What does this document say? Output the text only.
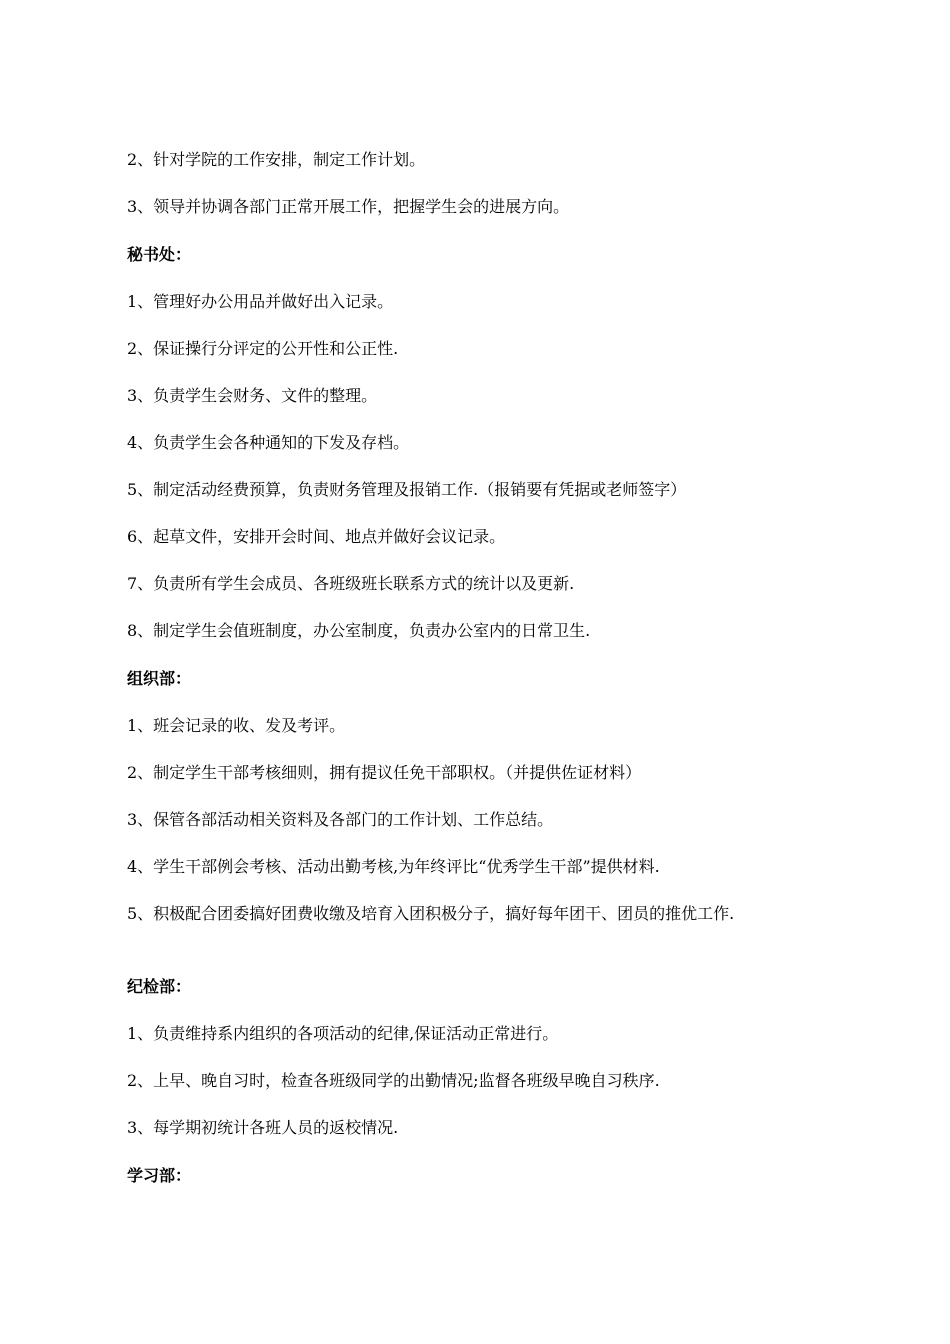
2、针对学院的工作安排，制定工作计划。
3、领导并协调各部门正常开展工作，把握学生会的进展方向。
秘书处：
1、管理好办公用品并做好出入记录。
2、保证操行分评定的公开性和公正性.
3、负责学生会财务、文件的整理。
4、负责学生会各种通知的下发及存档。
5、制定活动经费预算，负责财务管理及报销工作.（报销要有凭据或老师签字）
6、起草文件，安排开会时间、地点并做好会议记录。
7、负责所有学生会成员、各班级班长联系方式的统计以及更新.
8、制定学生会值班制度，办公室制度，负责办公室内的日常卫生.
组织部：
1、班会记录的收、发及考评。
2、制定学生干部考核细则，拥有提议任免干部职权。（并提供佐证材料）
3、保管各部活动相关资料及各部门的工作计划、工作总结。
4、学生干部例会考核、活动出勤考核,为年终评比“优秀学生干部”提供材料.
5、积极配合团委搞好团费收缴及培育入团积极分子，搞好每年团干、团员的推优工作.
纪检部：
1、负责维持系内组织的各项活动的纪律,保证活动正常进行。
2、上早、晚自习时，检查各班级同学的出勤情况;监督各班级早晚自习秩序.
3、每学期初统计各班人员的返校情况.
学习部：
